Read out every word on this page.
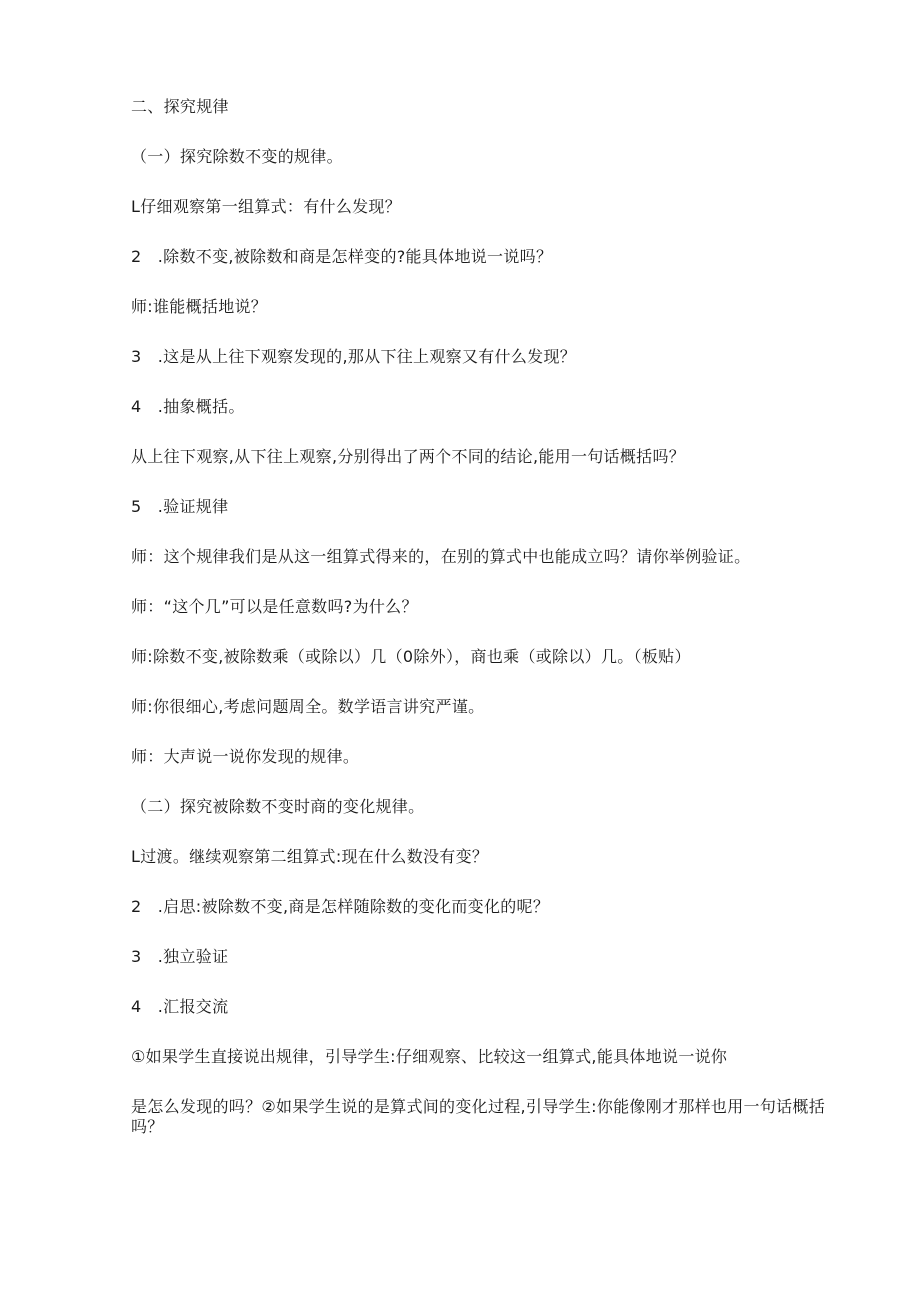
二、探究规律
（一）探究除数不变的规律。
L仔细观察第一组算式：有什么发现？
2　.除数不变,被除数和商是怎样变的?能具体地说一说吗？
师:谁能概括地说？
3　.这是从上往下观察发现的,那从下往上观察又有什么发现？
4　.抽象概括。
从上往下观察,从下往上观察,分别得出了两个不同的结论,能用一句话概括吗？
5　.验证规律
师：这个规律我们是从这一组算式得来的，在别的算式中也能成立吗？请你举例验证。
师：“这个几”可以是任意数吗?为什么？
师:除数不变,被除数乘（或除以）几（0除外），商也乘（或除以）几。（板贴）
师:你很细心,考虑问题周全。数学语言讲究严谨。
师：大声说一说你发现的规律。
（二）探究被除数不变时商的变化规律。
L过渡。继续观察第二组算式:现在什么数没有变？
2　.启思:被除数不变,商是怎样随除数的变化而变化的呢？
3　.独立验证
4　.汇报交流
①如果学生直接说出规律，引导学生:仔细观察、比较这一组算式,能具体地说一说你
是怎么发现的吗？②如果学生说的是算式间的变化过程,引导学生:你能像刚才那样也用一句话概括吗？
